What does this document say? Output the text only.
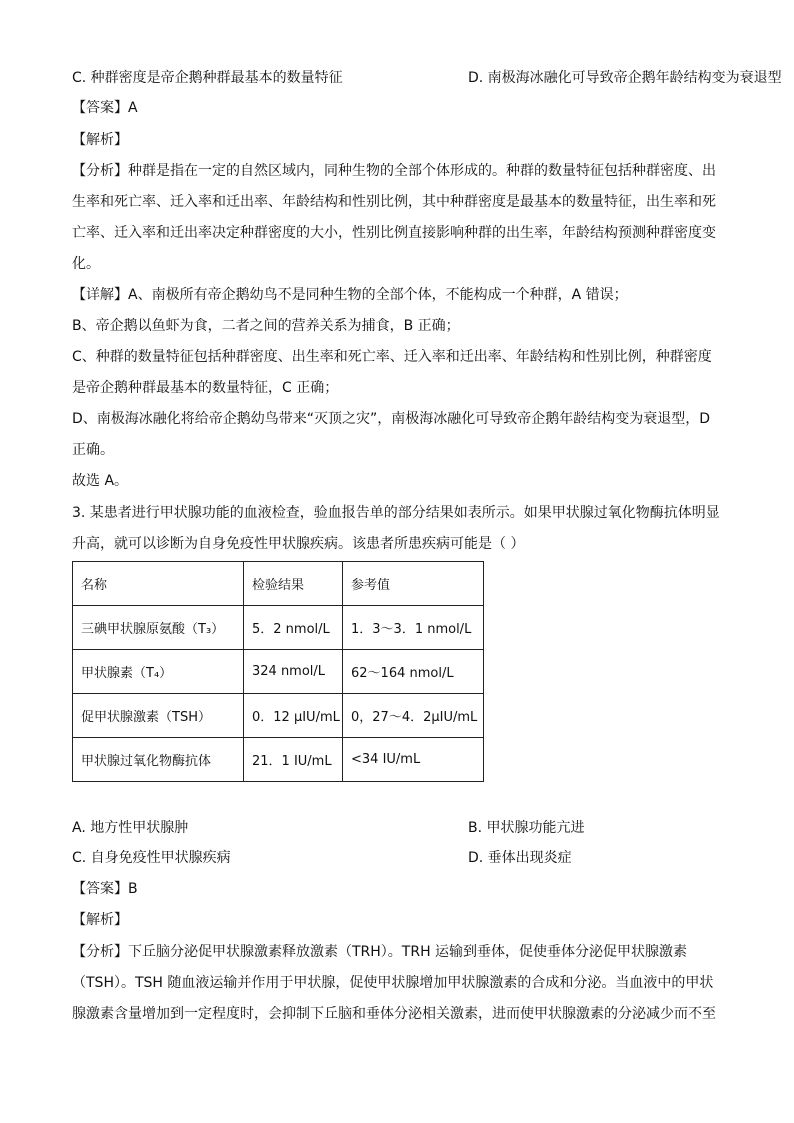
C. 种群密度是帝企鹅种群最基本的数量特征	D. 南极海冰融化可导致帝企鹅年龄结构变为衰退型
【答案】A
【解析】
【分析】种群是指在一定的自然区域内，同种生物的全部个体形成的。种群的数量特征包括种群密度、出
生率和死亡率、迁入率和迁出率、年龄结构和性别比例，其中种群密度是最基本的数量特征，出生率和死
亡率、迁入率和迁出率决定种群密度的大小，性别比例直接影响种群的出生率，年龄结构预测种群密度变
化。
【详解】A、南极所有帝企鹅幼鸟不是同种生物的全部个体，不能构成一个种群，A 错误；
B、帝企鹅以鱼虾为食，二者之间的营养关系为捕食，B 正确；
C、种群的数量特征包括种群密度、出生率和死亡率、迁入率和迁出率、年龄结构和性别比例，种群密度
是帝企鹅种群最基本的数量特征，C 正确；
D、南极海冰融化将给帝企鹅幼鸟带来“灭顶之灾”，南极海冰融化可导致帝企鹅年龄结构变为衰退型，D
正确。
故选 A。
3. 某患者进行甲状腺功能的血液检查，验血报告单的部分结果如表所示。如果甲状腺过氧化物酶抗体明显
升高，就可以诊断为自身免疫性甲状腺疾病。该患者所患疾病可能是（ ）
名称	检验结果	参考值
三碘甲状腺原氨酸（T₃）	5．2 nmol/L	1．3～3．1 nmol/L
甲状腺素（T₄）	324 nmol/L	62～164 nmol/L
促甲状腺激素（TSH）	0．12 μIU/mL	0，27～4．2μIU/mL
甲状腺过氧化物酶抗体	21．1 IU/mL	<34 IU/mL
A. 地方性甲状腺肿	B. 甲状腺功能亢进
C. 自身免疫性甲状腺疾病	D. 垂体出现炎症
【答案】B
【解析】
【分析】下丘脑分泌促甲状腺激素释放激素（TRH）。TRH 运输到垂体，促使垂体分泌促甲状腺激素
（TSH）。TSH 随血液运输并作用于甲状腺，促使甲状腺增加甲状腺激素的合成和分泌。当血液中的甲状
腺激素含量增加到一定程度时，会抑制下丘脑和垂体分泌相关激素，进而使甲状腺激素的分泌减少而不至
